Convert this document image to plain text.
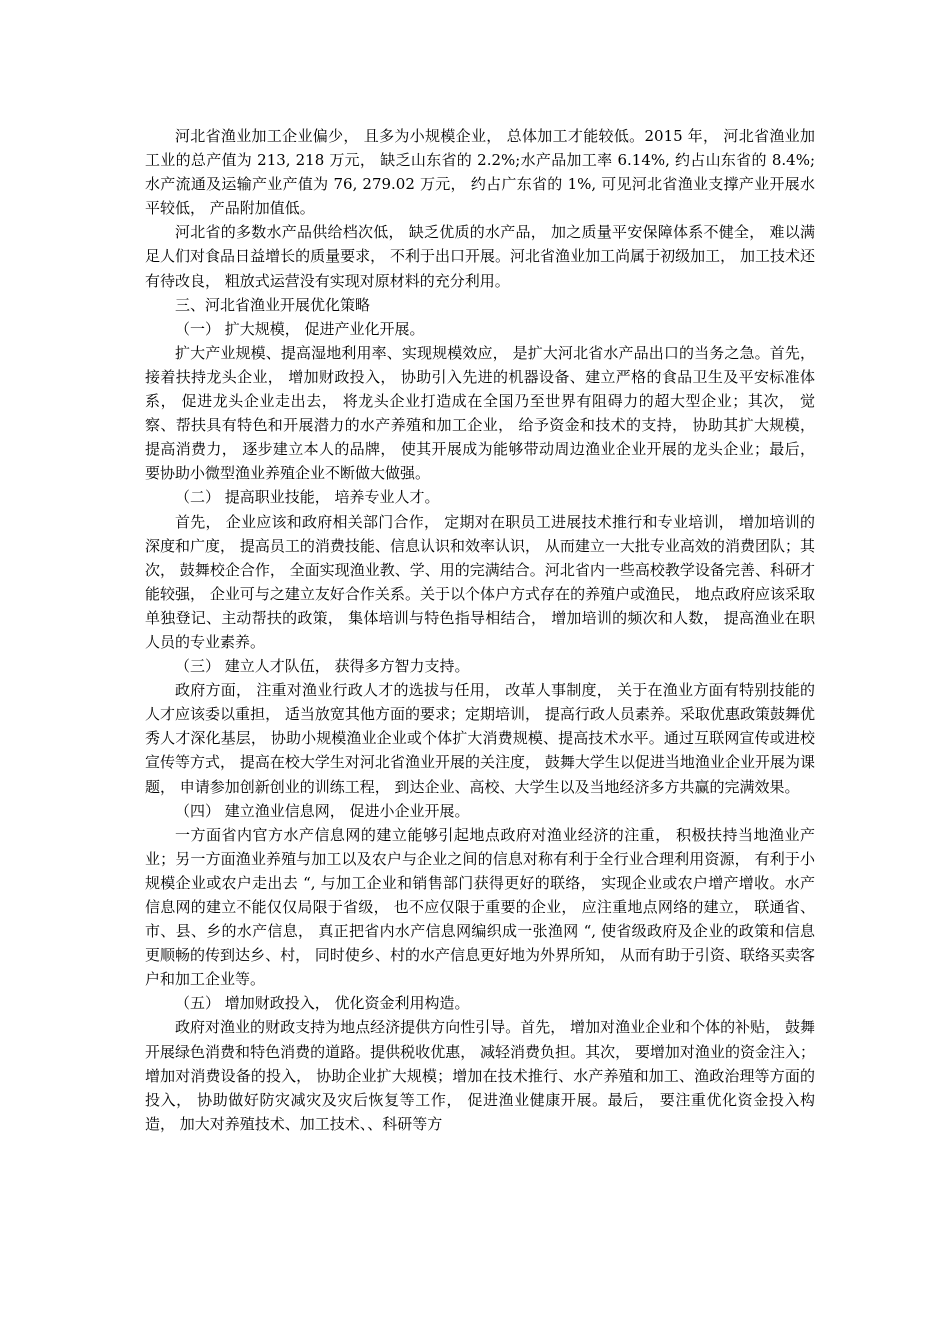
河北省渔业加工企业偏少， 且多为小规模企业， 总体加工才能较低。2015 年， 河北省渔业加工业的总产值为 213, 218 万元， 缺乏山东省的 2.2%;水产品加工率 6.14%, 约占山东省的 8.4%;水产流通及运输产业产值为 76, 279.02 万元， 约占广东省的 1%, 可见河北省渔业支撑产业开展水平较低， 产品附加值低。

河北省的多数水产品供给档次低， 缺乏优质的水产品， 加之质量平安保障体系不健全， 难以满足人们对食品日益增长的质量要求， 不利于出口开展。河北省渔业加工尚属于初级加工， 加工技术还有待改良， 粗放式运营没有实现对原材料的充分利用。

三、河北省渔业开展优化策略

（一） 扩大规模， 促进产业化开展。

扩大产业规模、提高湿地利用率、实现规模效应， 是扩大河北省水产品出口的当务之急。首先， 接着扶持龙头企业， 增加财政投入， 协助引入先进的机器设备、建立严格的食品卫生及平安标准体系， 促进龙头企业走出去， 将龙头企业打造成在全国乃至世界有阻碍力的超大型企业；其次， 觉察、帮扶具有特色和开展潜力的水产养殖和加工企业， 给予资金和技术的支持， 协助其扩大规模， 提高消费力， 逐步建立本人的品牌， 使其开展成为能够带动周边渔业企业开展的龙头企业；最后， 要协助小微型渔业养殖企业不断做大做强。

（二） 提高职业技能， 培养专业人才。

首先， 企业应该和政府相关部门合作， 定期对在职员工进展技术推行和专业培训， 增加培训的深度和广度， 提高员工的消费技能、信息认识和效率认识， 从而建立一大批专业高效的消费团队；其次， 鼓舞校企合作， 全面实现渔业教、学、用的完满结合。河北省内一些高校教学设备完善、科研才能较强， 企业可与之建立友好合作关系。关于以个体户方式存在的养殖户或渔民， 地点政府应该采取单独登记、主动帮扶的政策， 集体培训与特色指导相结合， 增加培训的频次和人数， 提高渔业在职人员的专业素养。

（三） 建立人才队伍， 获得多方智力支持。

政府方面， 注重对渔业行政人才的选拔与任用， 改革人事制度， 关于在渔业方面有特别技能的人才应该委以重担， 适当放宽其他方面的要求；定期培训， 提高行政人员素养。采取优惠政策鼓舞优秀人才深化基层， 协助小规模渔业企业或个体扩大消费规模、提高技术水平。通过互联网宣传或进校宣传等方式， 提高在校大学生对河北省渔业开展的关注度， 鼓舞大学生以促进当地渔业企业开展为课题， 申请参加创新创业的训练工程， 到达企业、高校、大学生以及当地经济多方共赢的完满效果。

（四） 建立渔业信息网， 促进小企业开展。

一方面省内官方水产信息网的建立能够引起地点政府对渔业经济的注重， 积极扶持当地渔业产业；另一方面渔业养殖与加工以及农户与企业之间的信息对称有利于全行业合理利用资源， 有利于小规模企业或农户走出去 “, 与加工企业和销售部门获得更好的联络， 实现企业或农户增产增收。水产信息网的建立不能仅仅局限于省级， 也不应仅限于重要的企业， 应注重地点网络的建立， 联通省、市、县、乡的水产信息， 真正把省内水产信息网编织成一张渔网 “, 使省级政府及企业的政策和信息更顺畅的传到达乡、村， 同时使乡、村的水产信息更好地为外界所知， 从而有助于引资、联络买卖客户和加工企业等。

（五） 增加财政投入， 优化资金利用构造。

政府对渔业的财政支持为地点经济提供方向性引导。首先， 增加对渔业企业和个体的补贴， 鼓舞开展绿色消费和特色消费的道路。提供税收优惠， 减轻消费负担。其次， 要增加对渔业的资金注入；增加对消费设备的投入， 协助企业扩大规模；增加在技术推行、水产养殖和加工、渔政治理等方面的投入， 协助做好防灾减灾及灾后恢复等工作， 促进渔业健康开展。最后， 要注重优化资金投入构造， 加大对养殖技术、加工技术、、科研等方
